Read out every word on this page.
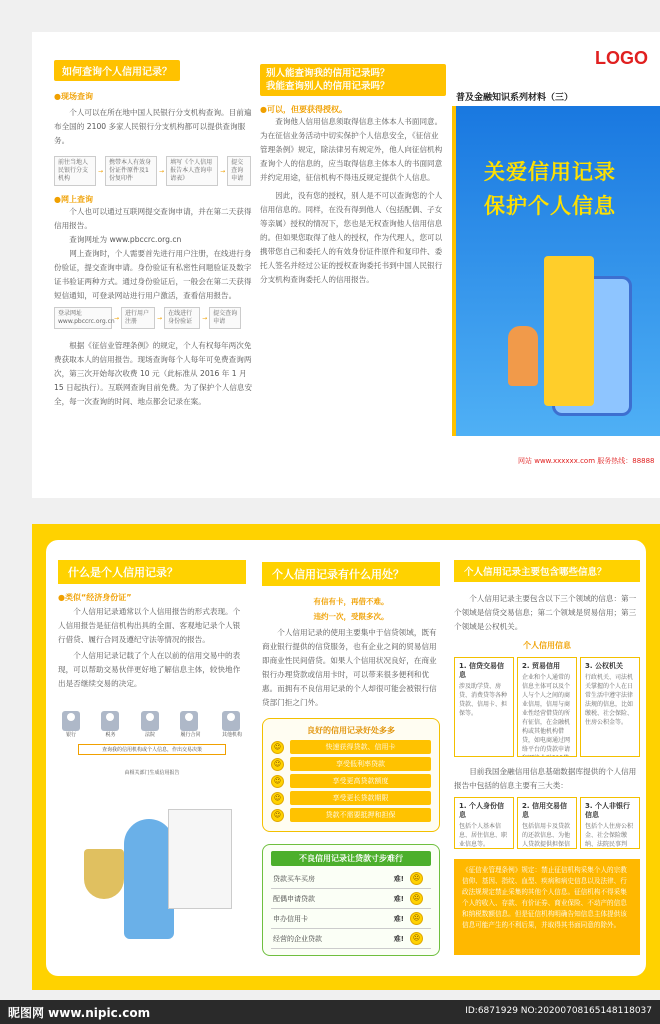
如何查询个人信用记录？
● 现场查询
个人可以在所在地中国人民银行分支机构查询。目前遍布全国的 2100 多家人民银行分支机构都可以提供查询服务。
前往当地人民银行分支机构
→
携带本人有效身份证件原件及1份复印件
→
填写《个人信用报告本人查询申请表》
→
提交查询申请
● 网上查询
个人也可以通过互联网提交查询申请，并在第二天获得信用报告。
查询网址为 www.pbccrc.org.cn
网上查询时，个人需要首先进行用户注册，在线进行身份验证，提交查询申请。身份验证有私密性问题验证及数字证书验证两种方式。通过身份验证后，一般会在第二天获得短信通知，可登录网站进行用户激活，查看信用报告。
登录网址www.pbccrc.org.cn →
进行用户注册	→
在线进行身份验证	→
提交查询申请
根据《征信业管理条例》的规定，个人有权每年两次免费获取本人的信用报告。现场查询每个人每年可免费查询两次，第三次开始每次收费 10 元（此标准从 2016 年 1 月 15 日起执行）。互联网查询目前免费。为了保护个人信息安全，每一次查询的时间、地点都会记录在案。
别人能查询我的信用记录吗？
我能查询别人的信用记录吗？
● 可以，但要获得授权。
查询他人信用信息须取得信息主体本人书面同意。为在征信业务活动中切实保护个人信息安全，《征信业管理条例》规定，除法律另有规定外，他人向征信机构查询个人的信息的，应当取得信息主体本人的书面同意并约定用途，征信机构不得违反规定提供个人信息。
因此，没有您的授权，别人是不可以查询您的个人信用信息的。同样，在没有得到他人（包括配偶、子女等亲属）授权的情况下，您也是无权查询他人信用信息的。但如果您取得了他人的授权，作为代理人，您可以携带您自己和委托人的有效身份证件原件和复印件、委托人签名并经过公证的授权查询委托书到中国人民银行分支机构查询委托人的信用报告。
LOGO
普及金融知识系列材料（三）
关爱信用记录
保护个人信息
网站 www.xxxxxx.com 服务热线：88888
什么是个人信用记录？
● 类似“经济身份证”
个人信用记录通常以个人信用报告的形式表现。个人信用报告是征信机构出具的全面、客观地记录个人银行借贷、履行合同及遵纪守法等情况的报告。
个人信用记录记载了个人在以前的信用交易中的表现，可以帮助交易伙伴更好地了解信息主体，较快地作出是否继续交易的决定。
银行	税务	法院	履行合同	其他机构
查询我的信用机构或个人信息，作出交易决策
由相关部门生成信用报告
个人信用记录有什么用处？
有信有卡，再借不难。
违约一次，受限多次。
个人信用记录的使用主要集中于信贷领域，既有商业银行提供的信贷服务，也有企业之间的贸易信用即商业性民间借贷。如果人个信用状况良好，在商业银行办理贷款或信用卡时，可以带来很多便利和优惠。而拥有不良信用记录的个人却很可能会被银行信贷部门拒之门外。
良好的信用记录好处多多
☺	快速获得贷款、信用卡
☺	享受低利率贷款
☺	享受更高贷款额度
☺	享受更长贷款期限
☺	贷款不需要抵押和担保
不良信用记录让贷款寸步难行
贷款买车买房	难!	☹
配偶申请贷款	难!	☹
申办信用卡	难!	☹
经营的企业贷款	难!	☹
个人信用记录主要包含哪些信息？
个人信用记录主要包含以下三个领域的信息：第一个领域是信贷交易信息；第二个领域是贸易信用；第三个领域是公权机关。
个人信用信息
1. 信贷交易信息
涉及助学贷、房贷、消费贷等各种贷款、信用卡、担保等。
2. 贸易信用
企业和个人通常的信息主体可以及个人与个人之间的商业信用，信用与商业性经营借贷的所有征信，在金融机构或其他机构借贷，如电商通过网络平台的贷款申请
3. 公权机关
行政机关、司法机关掌握的个人在日常生活中遵守法律法规的信息，比如缴税、社会保险、住房公积金等。
目前我国金融信用信息基础数据库提供的个人信用报告中包括的信息主要有三大类：
1. 个人身份信息
包括个人基本信息、居住信息、职业信息等。
2. 信用交易信息
包括信用卡及贷款的还款信息、为他人贷款提供担保信
3. 个人非银行信息
包括个人住房公积金、社会保险缴纳、法院民事判
《征信业管理条例》规定：禁止征信机构采集个人的宗教信仰、基因、指纹、血型、疾病和病史信息以及法律、行政法规规定禁止采集的其他个人信息。征信机构不得采集个人的收入、存款、有价证券、商业保险、不动产的信息和纳税数额信息。但是征信机构明确告知信息主体提供该信息可能产生的不利后果，并取得其书面同意的除外。
昵图网 www.nipic.com	ID:6871929 NO:20200708165148118037
